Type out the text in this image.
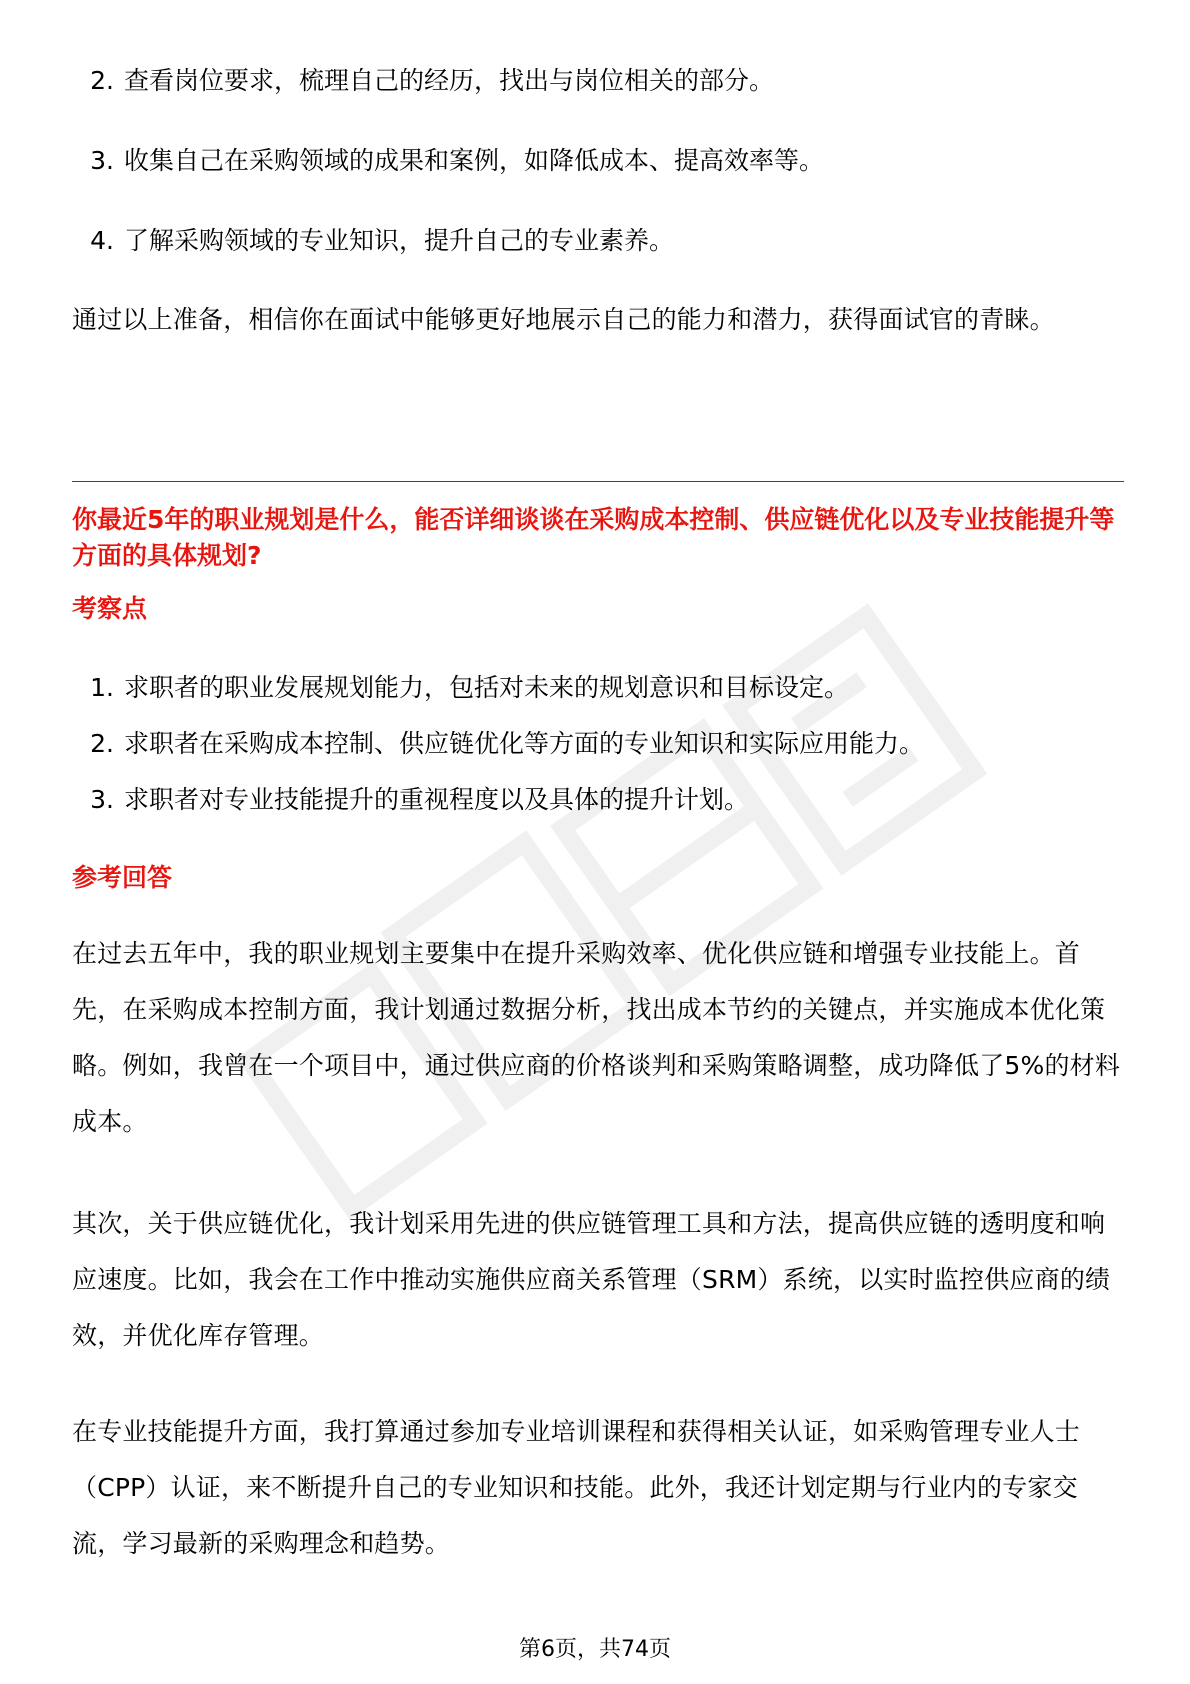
2. 查看岗位要求，梳理自己的经历，找出与岗位相关的部分。
3. 收集自己在采购领域的成果和案例，如降低成本、提高效率等。
4. 了解采购领域的专业知识，提升自己的专业素养。

通过以上准备，相信你在面试中能够更好地展示自己的能力和潜力，获得面试官的青睐。

你最近5年的职业规划是什么，能否详细谈谈在采购成本控制、供应链优化以及专业技能提升等方面的具体规划?

考察点

1. 求职者的职业发展规划能力，包括对未来的规划意识和目标设定。
2. 求职者在采购成本控制、供应链优化等方面的专业知识和实际应用能力。
3. 求职者对专业技能提升的重视程度以及具体的提升计划。

参考回答

在过去五年中，我的职业规划主要集中在提升采购效率、优化供应链和增强专业技能上。首先，在采购成本控制方面，我计划通过数据分析，找出成本节约的关键点，并实施成本优化策略。例如，我曾在一个项目中，通过供应商的价格谈判和采购策略调整，成功降低了5%的材料成本。

其次，关于供应链优化，我计划采用先进的供应链管理工具和方法，提高供应链的透明度和响应速度。比如，我会在工作中推动实施供应商关系管理（SRM）系统，以实时监控供应商的绩效，并优化库存管理。

在专业技能提升方面，我打算通过参加专业培训课程和获得相关认证，如采购管理专业人士（CPP）认证，来不断提升自己的专业知识和技能。此外，我还计划定期与行业内的专家交流，学习最新的采购理念和趋势。

第6页，共74页
